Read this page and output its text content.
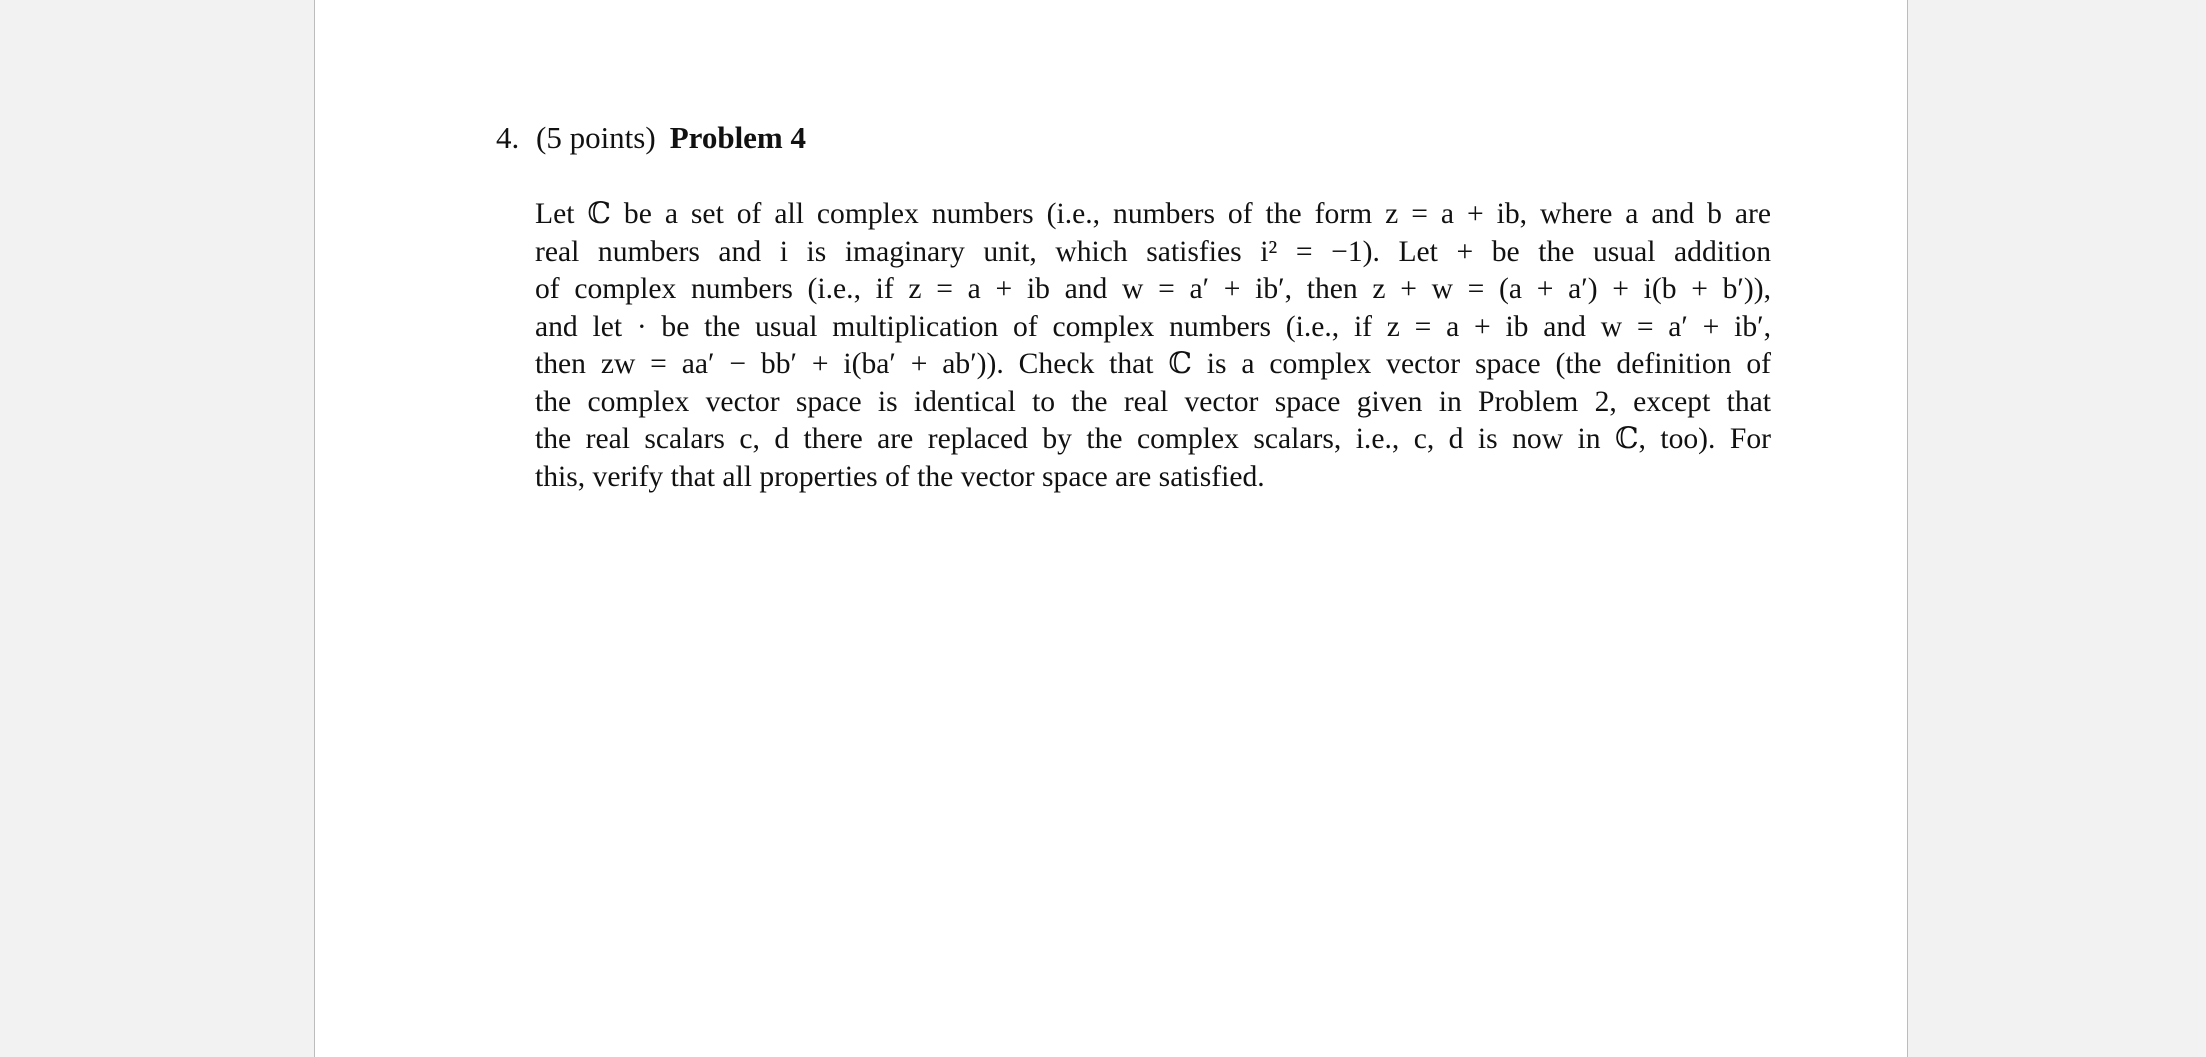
4. (5 points) Problem 4
Let ℂ be a set of all complex numbers (i.e., numbers of the form z = a + ib, where a and b are
real numbers and i is imaginary unit, which satisfies i² = −1). Let + be the usual addition
of complex numbers (i.e., if z = a + ib and w = a′ + ib′, then z + w = (a + a′) + i(b + b′)),
and let · be the usual multiplication of complex numbers (i.e., if z = a + ib and w = a′ + ib′,
then zw = aa′ − bb′ + i(ba′ + ab′)). Check that ℂ is a complex vector space (the definition of
the complex vector space is identical to the real vector space given in Problem 2, except that
the real scalars c, d there are replaced by the complex scalars, i.e., c, d is now in ℂ, too). For
this, verify that all properties of the vector space are satisfied.
